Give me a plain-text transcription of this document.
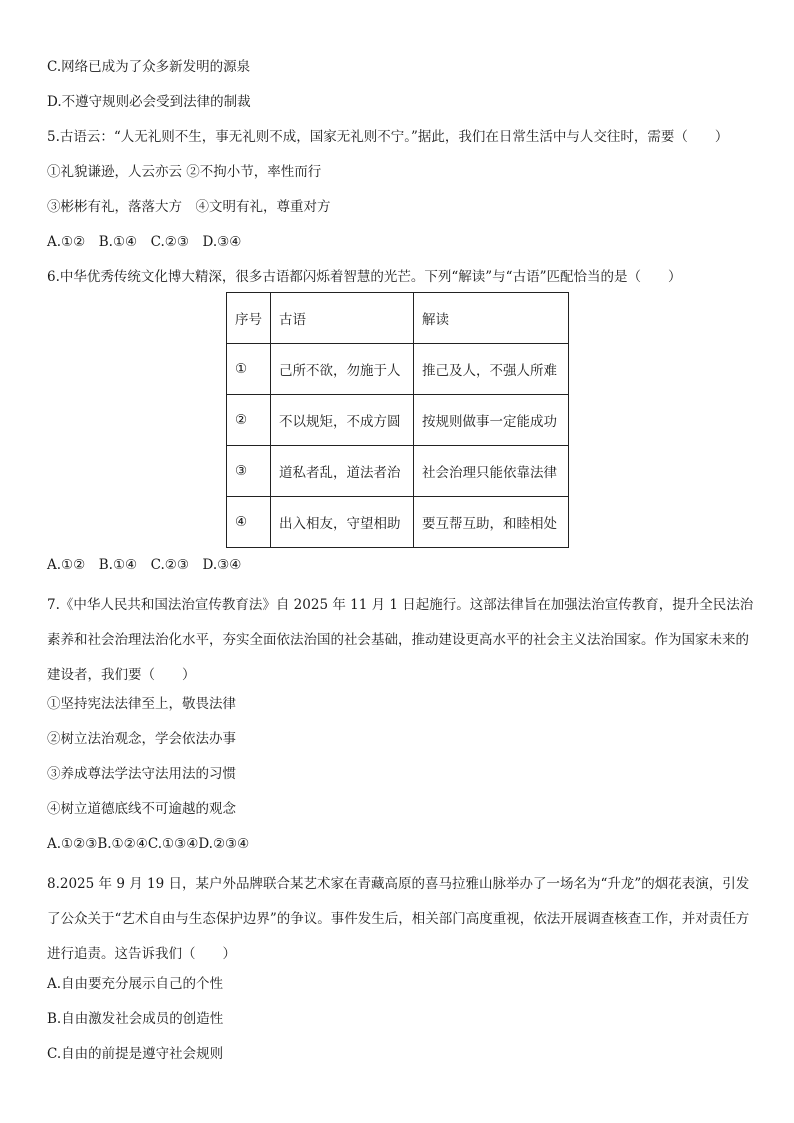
C.网络已成为了众多新发明的源泉
D.不遵守规则必会受到法律的制裁
5.古语云：“人无礼则不生，事无礼则不成，国家无礼则不宁。”据此，我们在日常生活中与人交往时，需要（　　）
①礼貌谦逊，人云亦云 ②不拘小节，率性而行
③彬彬有礼，落落大方　④文明有礼，尊重对方
A.①②　B.①④　C.②③　D.③④
6.中华优秀传统文化博大精深，很多古语都闪烁着智慧的光芒。下列“解读”与“古语”匹配恰当的是（　　）
序号	古语	解读
①	己所不欲，勿施于人	推己及人，不强人所难
②	不以规矩，不成方圆	按规则做事一定能成功
③	道私者乱，道法者治	社会治理只能依靠法律
④	出入相友，守望相助	要互帮互助，和睦相处
A.①②　B.①④　C.②③　D.③④
7.《中华人民共和国法治宣传教育法》自 2025 年 11 月 1 日起施行。这部法律旨在加强法治宣传教育，提升全民法治素养和社会治理法治化水平，夯实全面依法治国的社会基础，推动建设更高水平的社会主义法治国家。作为国家未来的建设者，我们要（　　）
①坚持宪法法律至上，敬畏法律
②树立法治观念，学会依法办事
③养成尊法学法守法用法的习惯
④树立道德底线不可逾越的观念
A.①②③B.①②④C.①③④D.②③④
8.2025 年 9 月 19 日，某户外品牌联合某艺术家在青藏高原的喜马拉雅山脉举办了一场名为“升龙”的烟花表演，引发了公众关于“艺术自由与生态保护边界”的争议。事件发生后，相关部门高度重视，依法开展调查核查工作，并对责任方进行追责。这告诉我们（　　）
A.自由要充分展示自己的个性
B.自由激发社会成员的创造性
C.自由的前提是遵守社会规则
